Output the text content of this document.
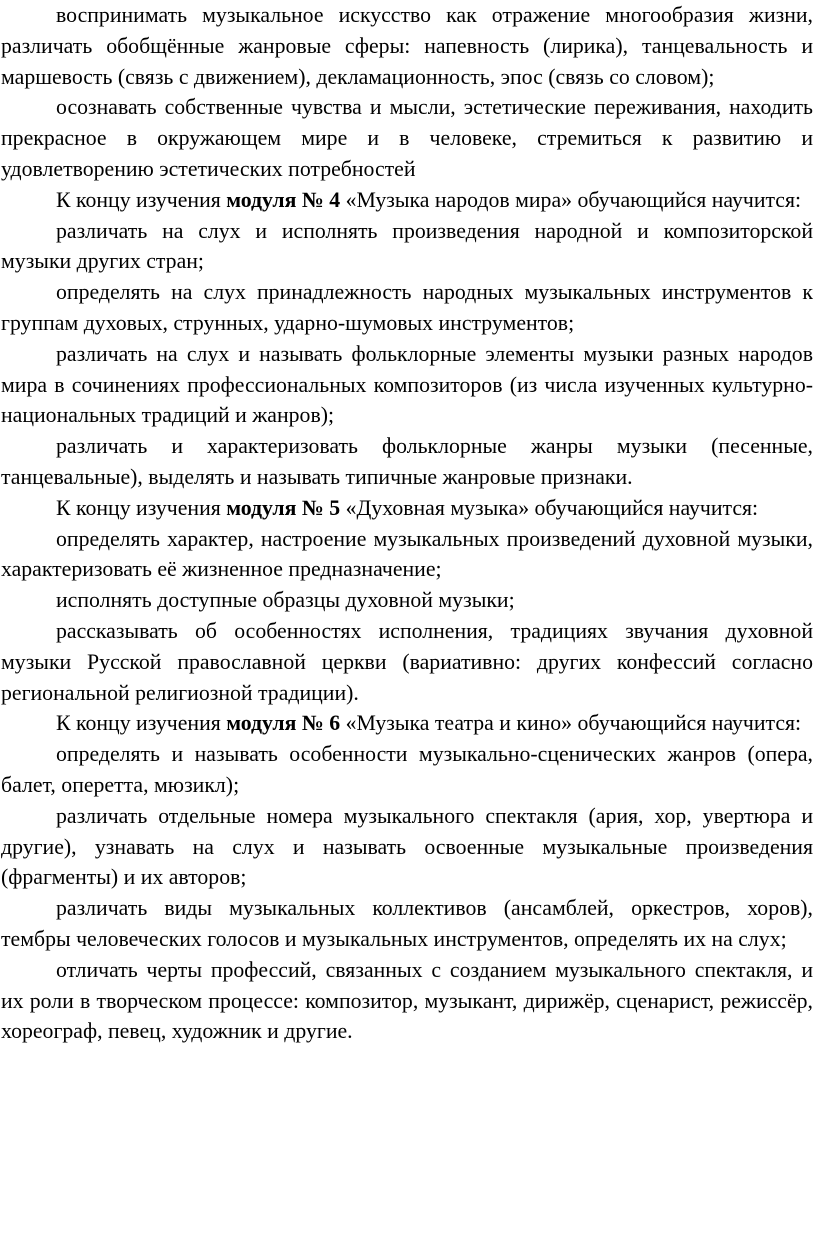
воспринимать музыкальное искусство как отражение многообразия жизни, различать обобщённые жанровые сферы: напевность (лирика), танцевальность и маршевость (связь с движением), декламационность, эпос (связь со словом);

осознавать собственные чувства и мысли, эстетические переживания, находить прекрасное в окружающем мире и в человеке, стремиться к развитию и удовлетворению эстетических потребностей

К концу изучения модуля № 4 «Музыка народов мира» обучающийся научится:

различать на слух и исполнять произведения народной и композиторской музыки других стран;

определять на слух принадлежность народных музыкальных инструментов к группам духовых, струнных, ударно-шумовых инструментов;

различать на слух и называть фольклорные элементы музыки разных народов мира в сочинениях профессиональных композиторов (из числа изученных культурно-национальных традиций и жанров);

различать и характеризовать фольклорные жанры музыки (песенные, танцевальные), выделять и называть типичные жанровые признаки.

К концу изучения модуля № 5 «Духовная музыка» обучающийся научится:

определять характер, настроение музыкальных произведений духовной музыки, характеризовать её жизненное предназначение;

исполнять доступные образцы духовной музыки;

рассказывать об особенностях исполнения, традициях звучания духовной музыки Русской православной церкви (вариативно: других конфессий согласно региональной религиозной традиции).

К концу изучения модуля № 6 «Музыка театра и кино» обучающийся научится:

определять и называть особенности музыкально-сценических жанров (опера, балет, оперетта, мюзикл);

различать отдельные номера музыкального спектакля (ария, хор, увертюра и другие), узнавать на слух и называть освоенные музыкальные произведения (фрагменты) и их авторов;

различать виды музыкальных коллективов (ансамблей, оркестров, хоров), тембры человеческих голосов и музыкальных инструментов, определять их на слух;

отличать черты профессий, связанных с созданием музыкального спектакля, и их роли в творческом процессе: композитор, музыкант, дирижёр, сценарист, режиссёр, хореограф, певец, художник и другие.
